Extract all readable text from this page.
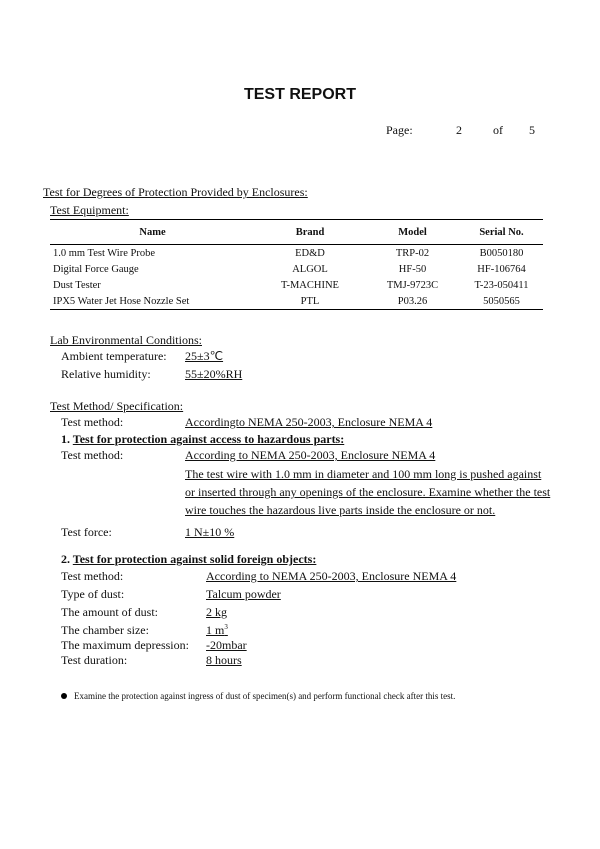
TEST REPORT
Page:	2	of 5
Test for Degrees of Protection Provided by Enclosures:
Test Equipment:
Name	Brand	Model	Serial No.
1.0 mm Test Wire Probe	ED&D	TRP-02	B0050180
Digital Force Gauge	ALGOL	HF-50	HF-106764
Dust Tester	T-MACHINE	TMJ-9723C	T-23-050411
IPX5 Water Jet Hose Nozzle Set	PTL	P03.26	5050565
Lab Environmental Conditions:
Ambient temperature: 25±3℃
Relative humidity:	55±20%RH
Test Method/ Specification:
Test method:	Accordingto NEMA 250-2003, Enclosure NEMA 4
1. Test for protection against access to hazardous parts:
Test method:	According to NEMA 250-2003, Enclosure NEMA 4
The test wire with 1.0 mm in diameter and 100 mm long is pushed against
or inserted through any openings of the enclosure. Examine whether the test
wire touches the hazardous live parts inside the enclosure or not.
Test force:	1 N±10 %
2. Test for protection against solid foreign objects:
Test method:	According to NEMA 250-2003, Enclosure NEMA 4
Type of dust:	Talcum powder
The amount of dust:	2 kg
The chamber size:	1 $m^3$
The maximum depression: -20mbar
Test duration:	8 hours
Examine the protection against ingress of dust of specimen(s) and perform functional check after this test.
